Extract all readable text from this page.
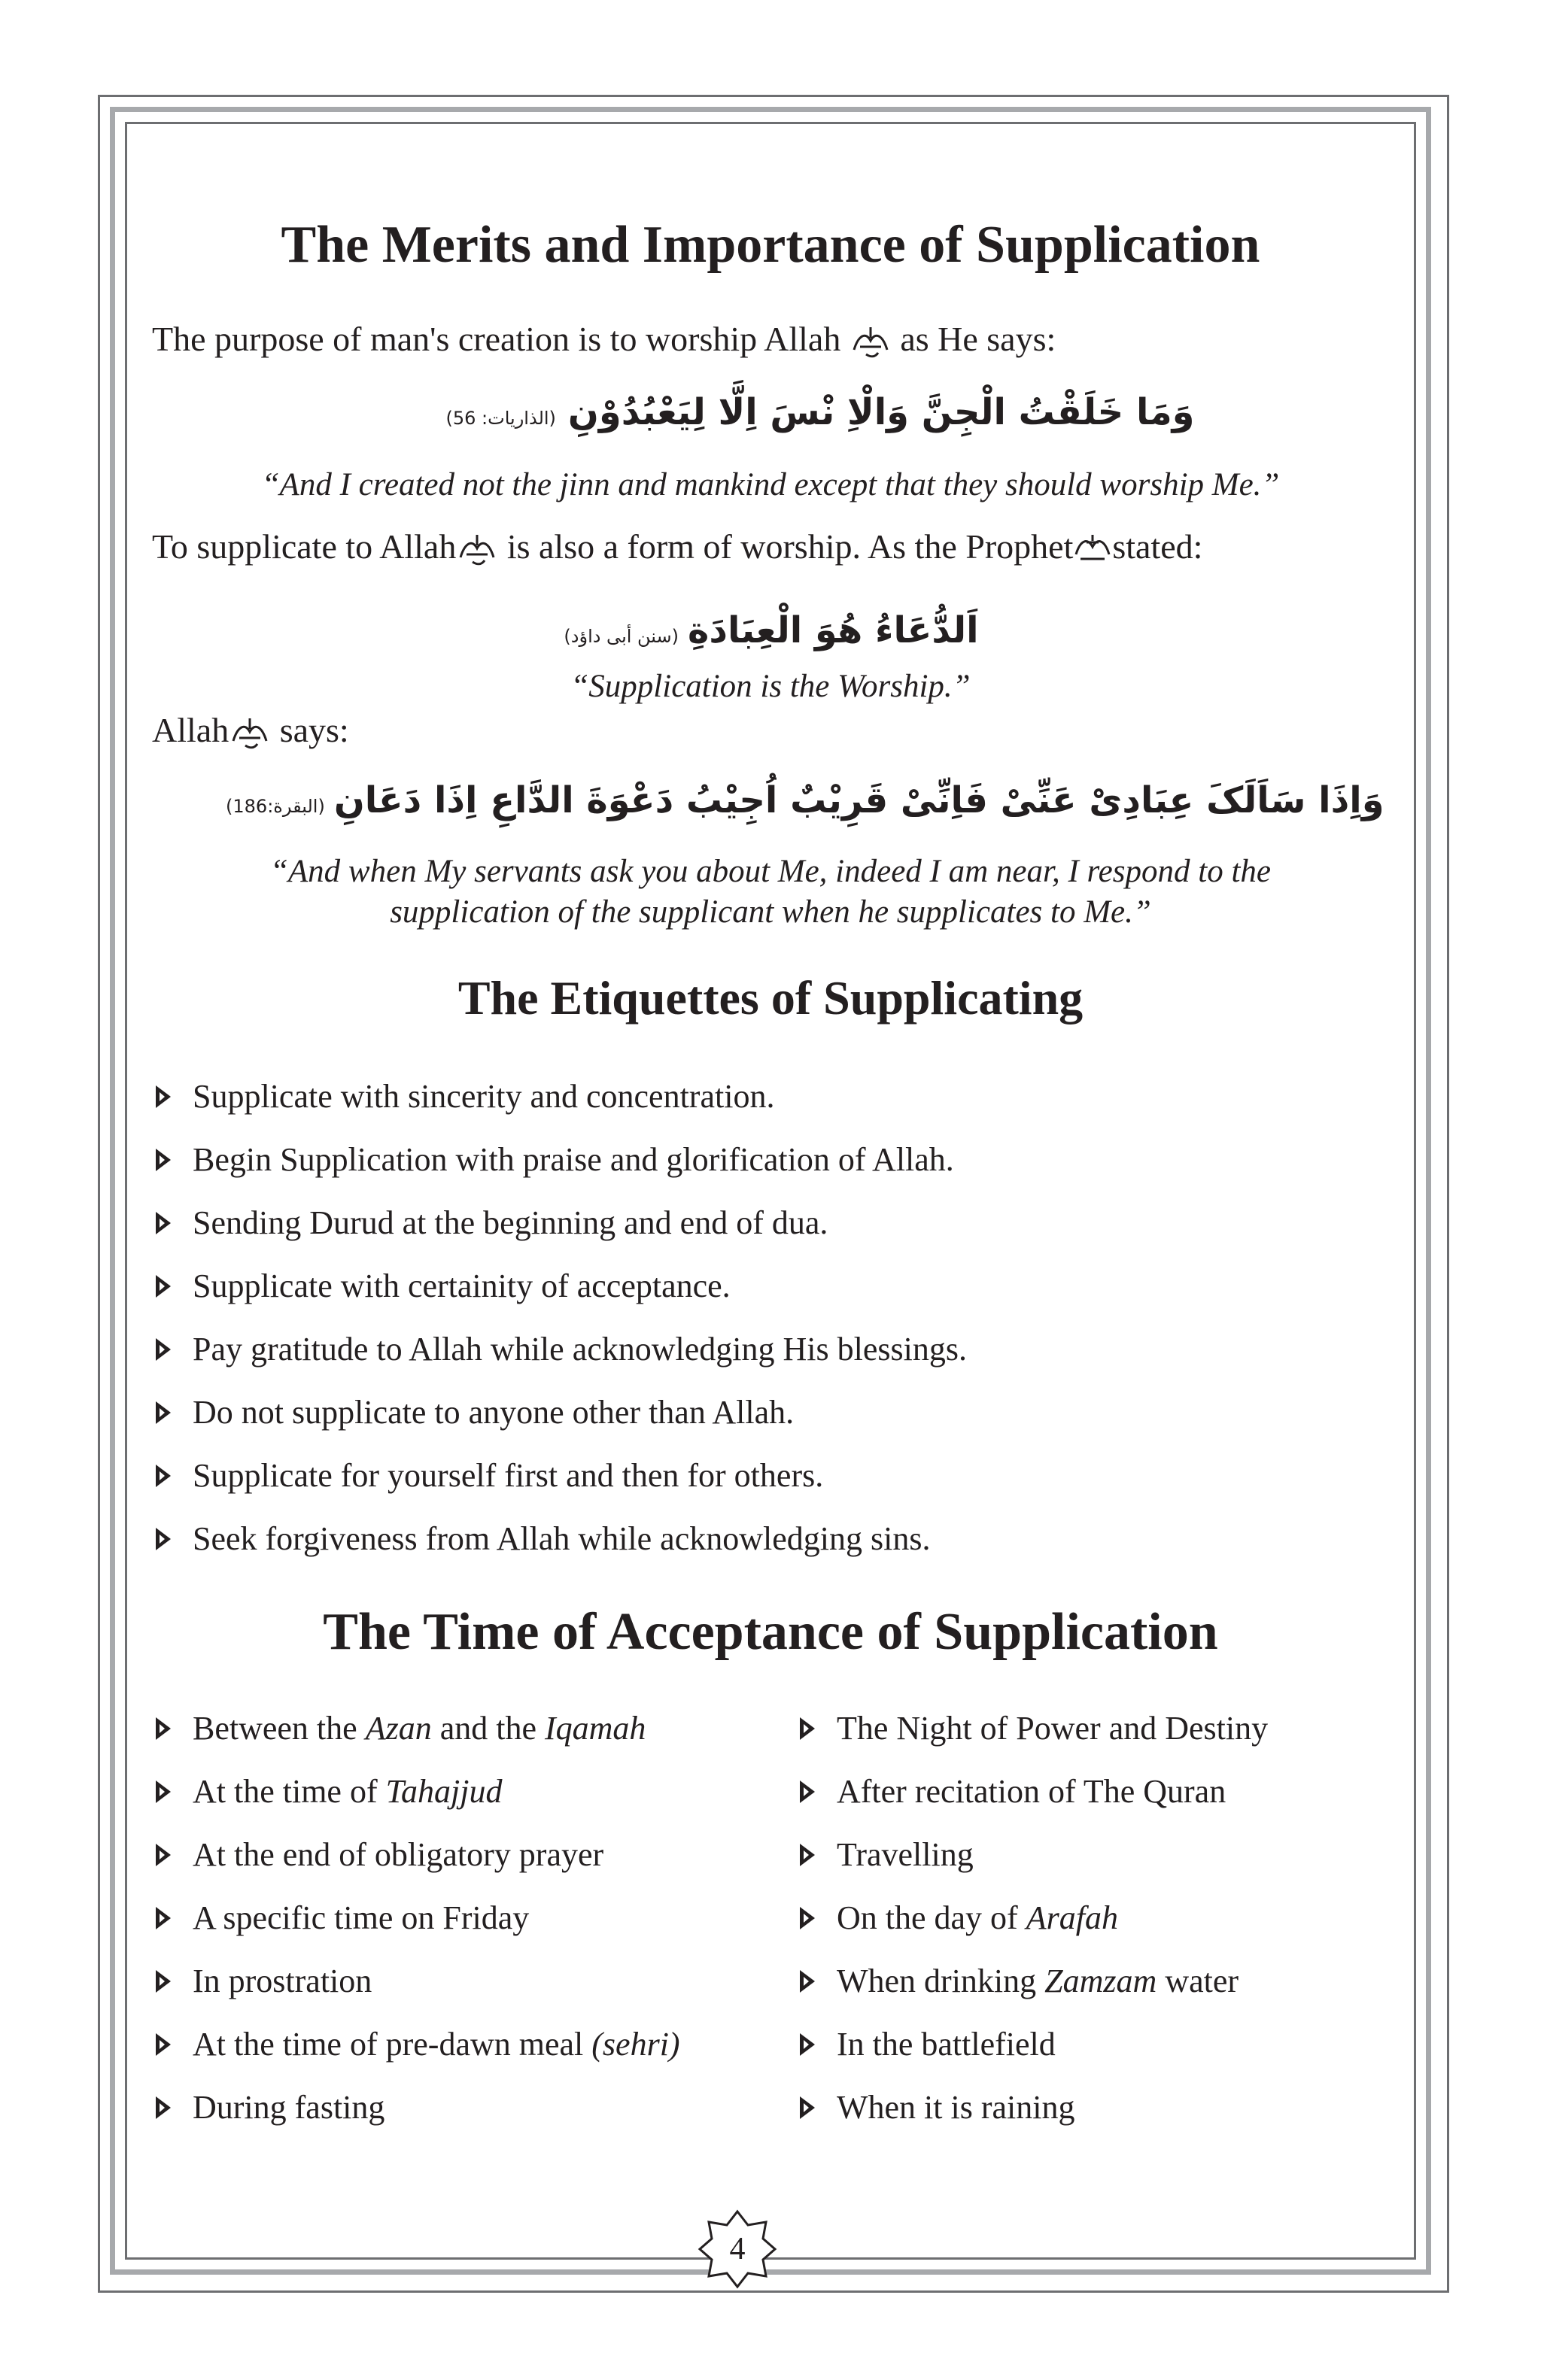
The Merits and Importance of Supplication
The purpose of man's creation is to worship Allah as He says:
(الذاریات: 56) وَمَا خَلَقْتُ الْجِنَّ وَالْاِ نْسَ اِلَّا لِیَعْبُدُوْنِ
“And I created not the jinn and mankind except that they should worship Me.”
To supplicate to Allah is also a form of worship. As the Prophet stated:
(سنن أبی داؤد) اَلدُّعَاءُ هُوَ الْعِبَادَةِ
“Supplication is the Worship.”
Allah says:
(البقرة:186) وَاِذَا سَاَلَکَ عِبَادِیْ عَنِّیْ فَاِنِّیْ قَرِیْبٌ اُجِیْبُ دَعْوَةَ الدَّاعِ اِذَا دَعَانِ
“And when My servants ask you about Me, indeed I am near, I respond to the
supplication of the supplicant when he supplicates to Me.”
The Etiquettes of Supplicating
Supplicate with sincerity and concentration.
Begin Supplication with praise and glorification of Allah.
Sending Durud at the beginning and end of dua.
Supplicate with certainity of acceptance.
Pay gratitude to Allah while acknowledging His blessings.
Do not supplicate to anyone other than Allah.
Supplicate for yourself first and then for others.
Seek forgiveness from Allah while acknowledging sins.
The Time of Acceptance of Supplication
Between the Azan and the Iqamah
At the time of Tahajjud
At the end of obligatory prayer
A specific time on Friday
In prostration
At the time of pre-dawn meal (sehri)
During fasting
The Night of Power and Destiny
After recitation of The Quran
Travelling
On the day of Arafah
When drinking Zamzam water
In the battlefield
When it is raining
4
